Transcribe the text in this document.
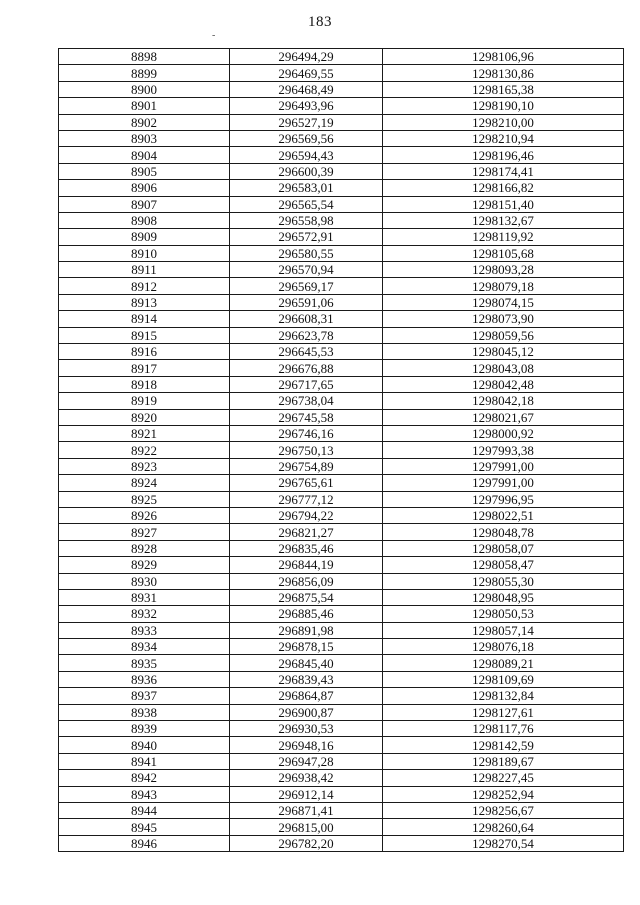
183
-
8898	296494,29	1298106,96
8899	296469,55	1298130,86
8900	296468,49	1298165,38
8901	296493,96	1298190,10
8902	296527,19	1298210,00
8903	296569,56	1298210,94
8904	296594,43	1298196,46
8905	296600,39	1298174,41
8906	296583,01	1298166,82
8907	296565,54	1298151,40
8908	296558,98	1298132,67
8909	296572,91	1298119,92
8910	296580,55	1298105,68
8911	296570,94	1298093,28
8912	296569,17	1298079,18
8913	296591,06	1298074,15
8914	296608,31	1298073,90
8915	296623,78	1298059,56
8916	296645,53	1298045,12
8917	296676,88	1298043,08
8918	296717,65	1298042,48
8919	296738,04	1298042,18
8920	296745,58	1298021,67
8921	296746,16	1298000,92
8922	296750,13	1297993,38
8923	296754,89	1297991,00
8924	296765,61	1297991,00
8925	296777,12	1297996,95
8926	296794,22	1298022,51
8927	296821,27	1298048,78
8928	296835,46	1298058,07
8929	296844,19	1298058,47
8930	296856,09	1298055,30
8931	296875,54	1298048,95
8932	296885,46	1298050,53
8933	296891,98	1298057,14
8934	296878,15	1298076,18
8935	296845,40	1298089,21
8936	296839,43	1298109,69
8937	296864,87	1298132,84
8938	296900,87	1298127,61
8939	296930,53	1298117,76
8940	296948,16	1298142,59
8941	296947,28	1298189,67
8942	296938,42	1298227,45
8943	296912,14	1298252,94
8944	296871,41	1298256,67
8945	296815,00	1298260,64
8946	296782,20	1298270,54
